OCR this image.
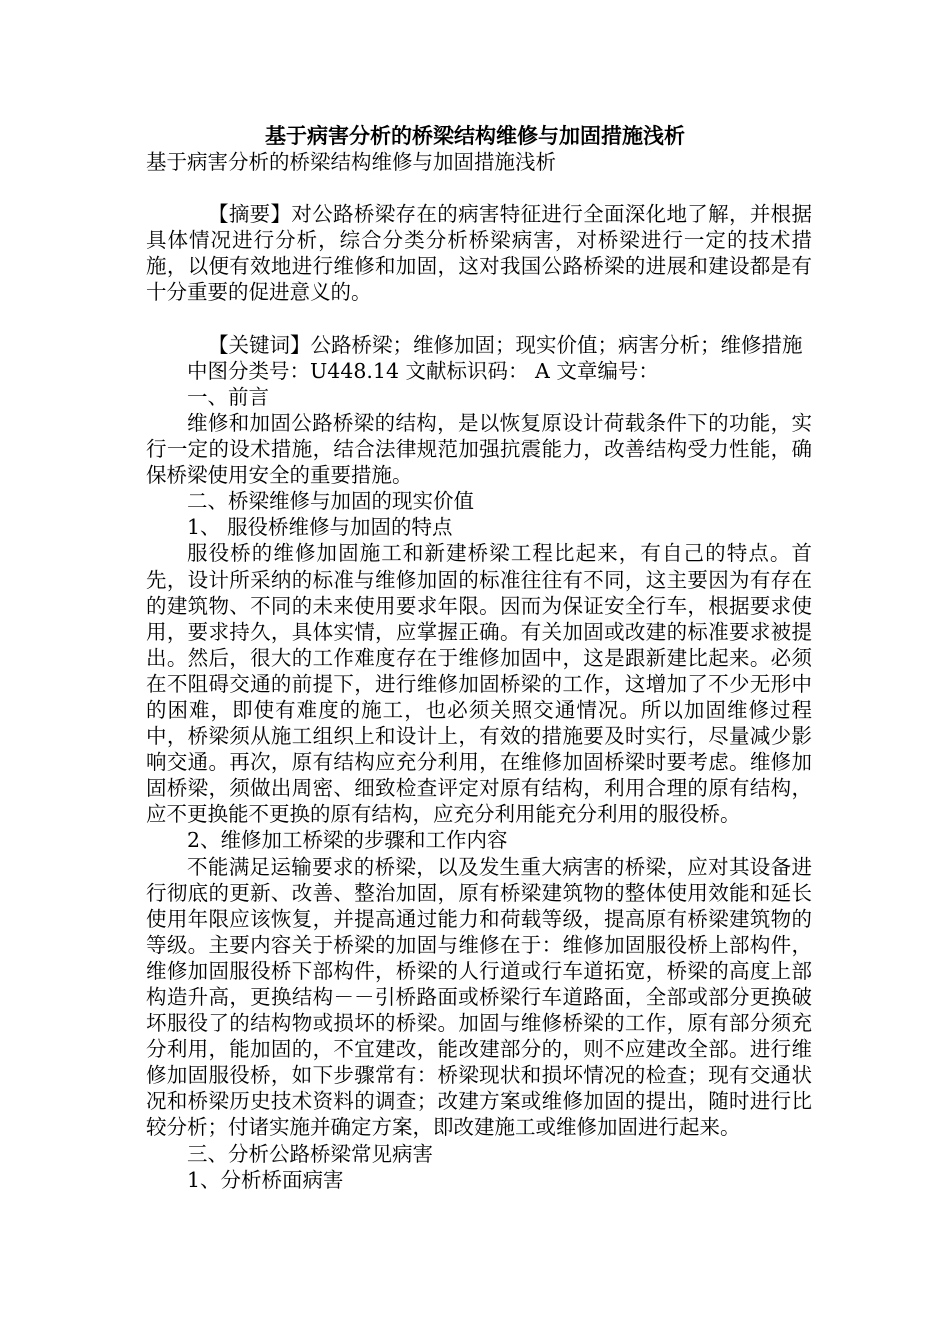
基于病害分析的桥梁结构维修与加固措施浅析

基于病害分析的桥梁结构维修与加固措施浅析

【摘要】对公路桥梁存在的病害特征进行全面深化地了解，并根据具体情况进行分析，综合分类分析桥梁病害，对桥梁进行一定的技术措施，以便有效地进行维修和加固，这对我国公路桥梁的进展和建设都是有十分重要的促进意义的。

【关键词】公路桥梁；维修加固；现实价值；病害分析；维修措施

中图分类号：U448.14 文献标识码： A 文章编号：

一、前言

维修和加固公路桥梁的结构，是以恢复原设计荷载条件下的功能，实行一定的设术措施，结合法律规范加强抗震能力，改善结构受力性能，确保桥梁使用安全的重要措施。

二、桥梁维修与加固的现实价值

1、 服役桥维修与加固的特点

服役桥的维修加固施工和新建桥梁工程比起来，有自己的特点。首先，设计所采纳的标准与维修加固的标准往往有不同，这主要因为有存在的建筑物、不同的未来使用要求年限。因而为保证安全行车，根据要求使用，要求持久，具体实情，应掌握正确。有关加固或改建的标准要求被提出。然后，很大的工作难度存在于维修加固中，这是跟新建比起来。必须在不阻碍交通的前提下，进行维修加固桥梁的工作，这增加了不少无形中的困难，即使有难度的施工，也必须关照交通情况。所以加固维修过程中，桥梁须从施工组织上和设计上，有效的措施要及时实行，尽量减少影响交通。再次，原有结构应充分利用，在维修加固桥梁时要考虑。维修加固桥梁，须做出周密、细致检查评定对原有结构，利用合理的原有结构，应不更换能不更换的原有结构，应充分利用能充分利用的服役桥。

2、维修加工桥梁的步骤和工作内容

不能满足运输要求的桥梁，以及发生重大病害的桥梁，应对其设备进行彻底的更新、改善、整治加固，原有桥梁建筑物的整体使用效能和延长使用年限应该恢复，并提高通过能力和荷载等级，提高原有桥梁建筑物的等级。主要内容关于桥梁的加固与维修在于：维修加固服役桥上部构件，维修加固服役桥下部构件，桥梁的人行道或行车道拓宽，桥梁的高度上部构造升高，更换结构－－引桥路面或桥梁行车道路面，全部或部分更换破坏服役了的结构物或损坏的桥梁。加固与维修桥梁的工作，原有部分须充分利用，能加固的，不宜建改，能改建部分的，则不应建改全部。进行维修加固服役桥，如下步骤常有：桥梁现状和损坏情况的检查；现有交通状况和桥梁历史技术资料的调查；改建方案或维修加固的提出，随时进行比较分析；付诸实施并确定方案，即改建施工或维修加固进行起来。

三、分析公路桥梁常见病害

1、分析桥面病害
